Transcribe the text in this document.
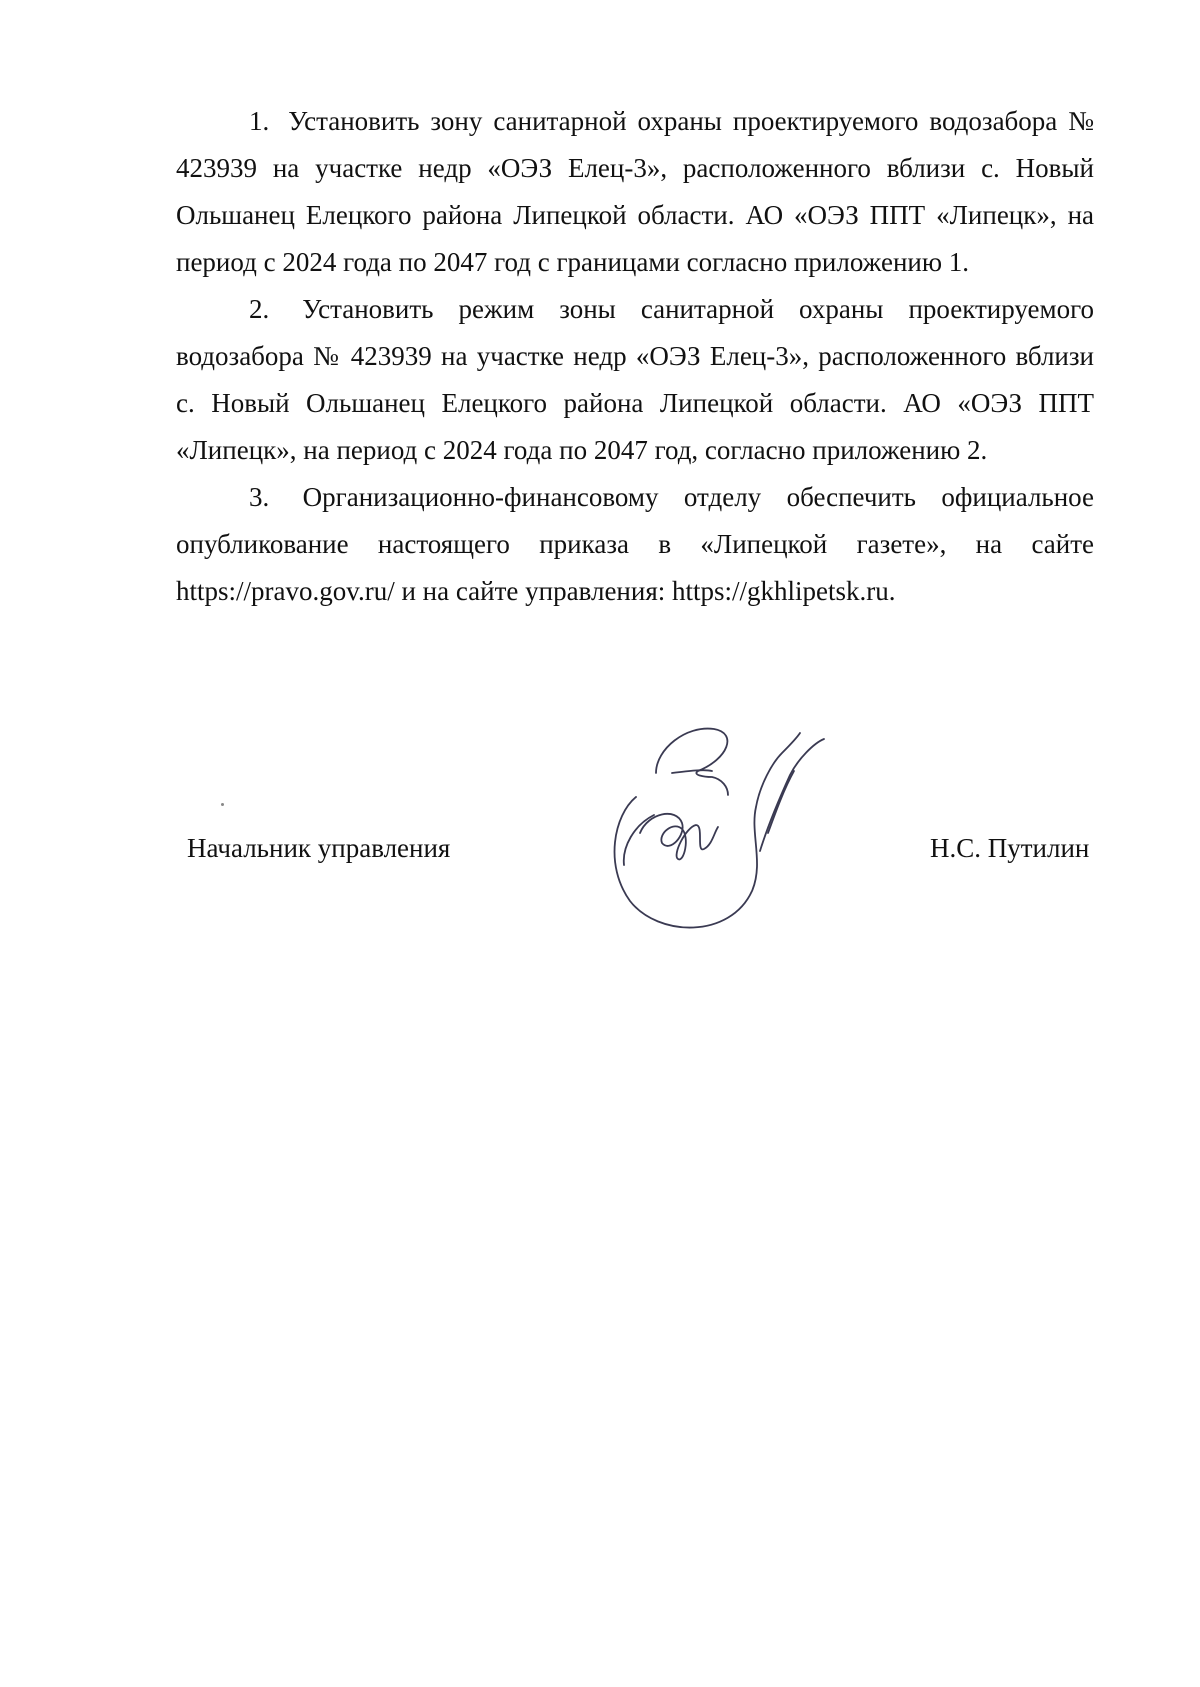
1. Установить зону санитарной охраны проектируемого водозабора № 423939 на участке недр «ОЭЗ Елец-3», расположенного вблизи с. Новый Ольшанец Елецкого района Липецкой области. АО «ОЭЗ ППТ «Липецк», на период с 2024 года по 2047 год с границами согласно приложению 1.

2. Установить режим зоны санитарной охраны проектируемого водозабора № 423939 на участке недр «ОЭЗ Елец-3», расположенного вблизи с. Новый Ольшанец Елецкого района Липецкой области. АО «ОЭЗ ППТ «Липецк», на период с 2024 года по 2047 год, согласно приложению 2.

3. Организационно-финансовому отделу обеспечить официальное опубликование настоящего приказа в «Липецкой газете», на сайте https://pravo.gov.ru/ и на сайте управления: https://gkhlipetsk.ru.

Начальник управления	Н.С. Путилин
